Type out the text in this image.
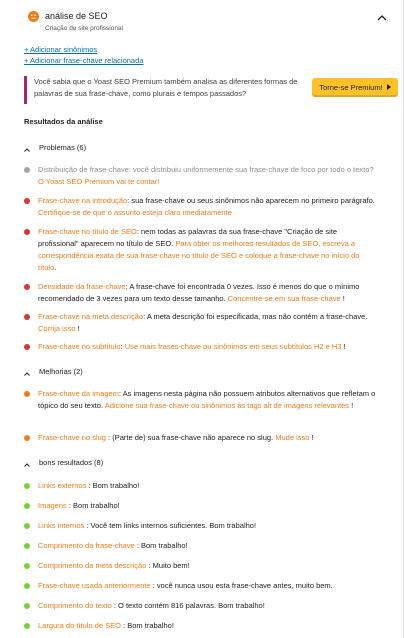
análise de SEO
Criação de site profissional
+ Adicionar sinônimos
+ Adicionar frase-chave relacionada
Você sabia que o Yoast SEO Premium também analisa as diferentes formas de palavras de sua frase-chave, como plurais e tempos passados?
Torne-se Premium!
Resultados da análise
Problemas (6)
Distribuição de frase-chave: você distribuiu uniformemente sua frase-chave de foco por todo o texto? O Yoast SEO Premium vai te contar!
Frase-chave na introdução: sua frase-chave ou seus sinônimos não aparecem no primeiro parágrafo. Certifique-se de que o assunto esteja claro imediatamente
Frase-chave no título de SEO: nem todas as palavras da sua frase-chave "Criação de site profissional" aparecem no título de SEO. Para obter os melhores resultados de SEO, escreva a correspondência exata de sua frase-chave no título de SEO e coloque a frase-chave no início do título.
Densidade da frase-chave: A frase-chave foi encontrada 0 vezes. Isso é menos do que o mínimo recomendado de 3 vezes para um texto desse tamanho. Concentre-se em sua frase-chave !
Frase-chave na meta descrição: A meta descrição foi especificada, mas não contém a frase-chave. Corrija isso !
Frase-chave no subtítulo: Use mais frases-chave ou sinônimos em seus subtítulos H2 e H3 !
Melhorias (2)
Frase-chave da imagem: As imagens nesta página não possuem atributos alternativos que refletam o tópico do seu texto. Adicione sua frase-chave ou sinônimos às tags alt de imagens relevantes !
Frase-chave no slug : (Parte de) sua frase-chave não aparece no slug. Mude isso !
bons resultados (8)
Links externos : Bom trabalho!
Imagens : Bom trabalho!
Links internos : Você tem links internos suficientes. Bom trabalho!
Comprimento da frase-chave : Bom trabalho!
Comprimento da meta descrição : Muito bem!
Frase-chave usada anteriormente : você nunca usou esta frase-chave antes, muito bem.
Comprimento do texto : O texto contém 816 palavras. Bom trabalho!
Largura do título de SEO : Bom trabalho!
